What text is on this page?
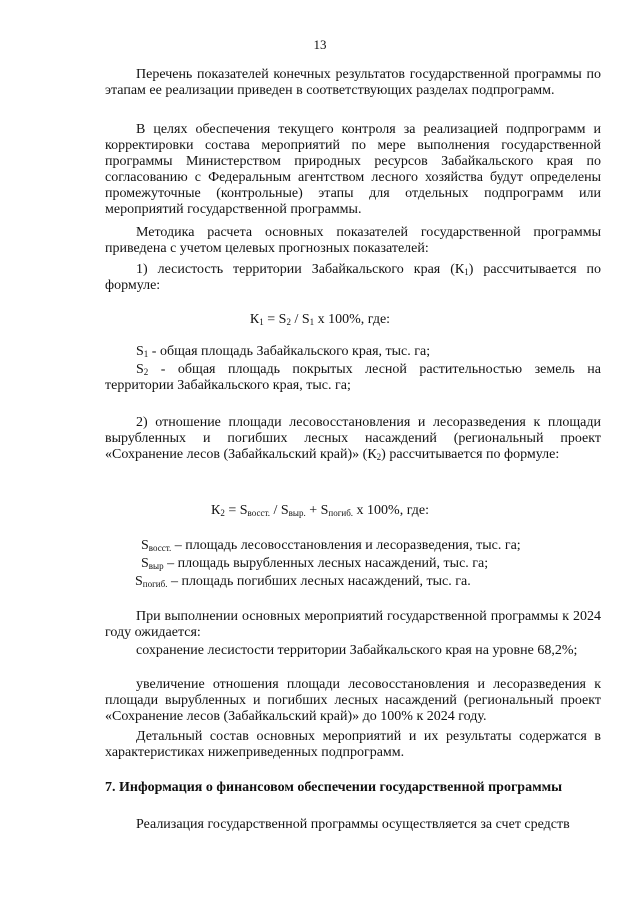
13
Перечень показателей конечных результатов государственной программы по этапам ее реализации приведен в соответствующих разделах подпрограмм.
В целях обеспечения текущего контроля за реализацией подпрограмм и корректировки состава мероприятий по мере выполнения государственной программы Министерством природных ресурсов Забайкальского края по согласованию с Федеральным агентством лесного хозяйства будут определены промежуточные (контрольные) этапы для отдельных подпрограмм или мероприятий государственной программы.
Методика расчета основных показателей государственной программы приведена с учетом целевых прогнозных показателей:
1) лесистость территории Забайкальского края $(К_1)$ рассчитывается по формуле:
$К_1 = S_2 / S_1$ x 100%, где:
$S_1$ - общая площадь Забайкальского края, тыс. га;
$S_2$ - общая площадь покрытых лесной растительностью земель на территории Забайкальского края, тыс. га;
2) отношение площади лесовосстановления и лесоразведения к площади вырубленных и погибших лесных насаждений (региональный проект «Сохранение лесов (Забайкальский край)» $(К_2)$ рассчитывается по формуле:
$К_2 = S_{восст.} / S_{выр.} + S_{погиб.}$ x 100%, где:
$S_{восст.}$ – площадь лесовосстановления и лесоразведения, тыс. га;
$S_{выр}$ – площадь вырубленных лесных насаждений, тыс. га;
$S_{погиб.}$ – площадь погибших лесных насаждений, тыс. га.
При выполнении основных мероприятий государственной программы к 2024 году ожидается:
сохранение лесистости территории Забайкальского края на уровне 68,2%;
увеличение отношения площади лесовосстановления и лесоразведения к площади вырубленных и погибших лесных насаждений (региональный проект «Сохранение лесов (Забайкальский край)» до 100% к 2024 году.
Детальный состав основных мероприятий и их результаты содержатся в характеристиках нижеприведенных подпрограмм.
7. Информация о финансовом обеспечении государственной программы
Реализация государственной программы осуществляется за счет средств
